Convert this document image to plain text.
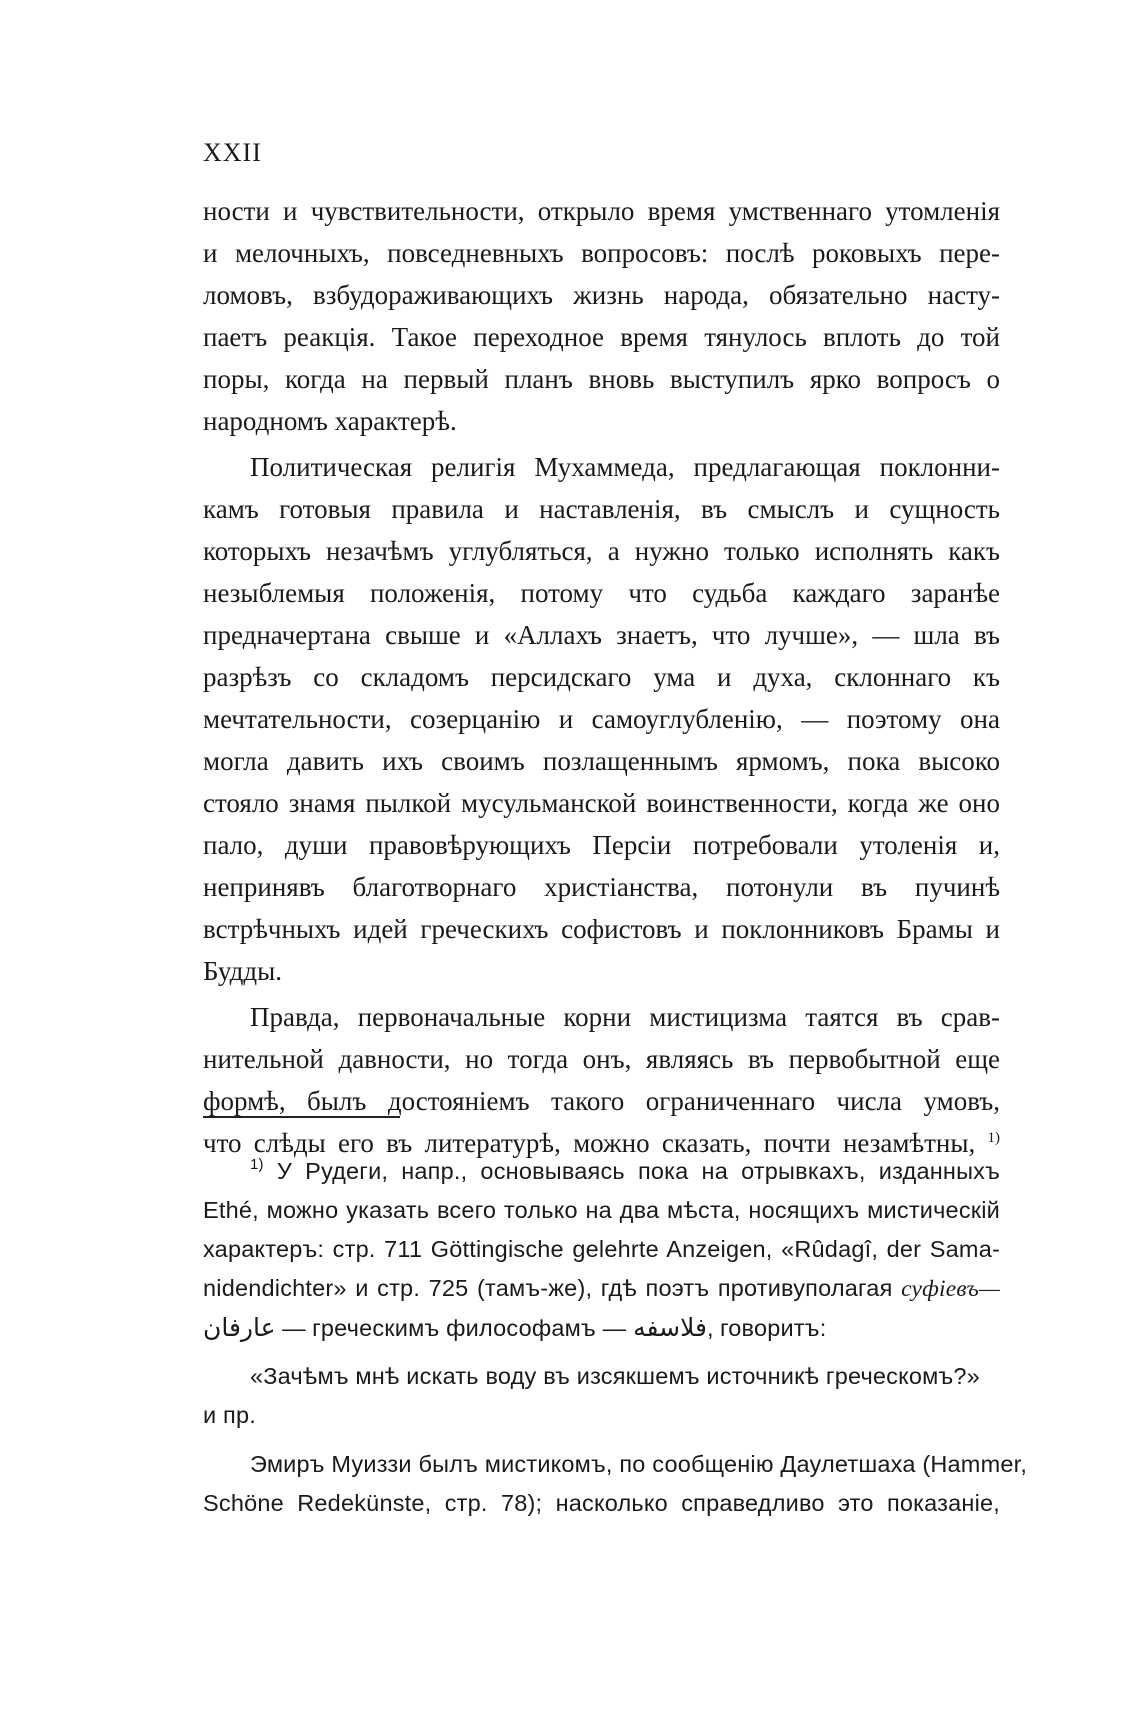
XXII
ности и чувствительности, открыло время умственнаго утомленія
и мелочныхъ, повседневныхъ вопросовъ: послѣ роковыхъ пере-
ломовъ, взбудораживающихъ жизнь народа, обязательно насту-
паетъ реакція. Такое переходное время тянулось вплоть до той
поры, когда на первый планъ вновь выступилъ ярко вопросъ о
народномъ характерѣ.
Политическая религія Мухаммеда, предлагающая поклонни-
камъ готовыя правила и наставленія, въ смыслъ и сущность
которыхъ незачѣмъ углубляться, а нужно только исполнять какъ
незыблемыя положенія, потому что судьба каждаго заранѣе
предначертана свыше и «Аллахъ знаетъ, что лучше», — шла въ
разрѣзъ со складомъ персидскаго ума и духа, склоннаго къ
мечтательности, созерцанію и самоуглубленію, — поэтому она
могла давить ихъ своимъ позлащеннымъ ярмомъ, пока высоко
стояло знамя пылкой мусульманской воинственности, когда же оно
пало, души правовѣрующихъ Персіи потребовали утоленія и,
непринявъ благотворнаго христіанства, потонули въ пучинѣ
встрѣчныхъ идей греческихъ софистовъ и поклонниковъ Брамы и
Будды.
Правда, первоначальные корни мистицизма таятся въ срав-
нительной давности, но тогда онъ, являясь въ первобытной еще
формѣ, былъ достояніемъ такого ограниченнаго числа умовъ,
что слѣды его въ литературѣ, можно сказать, почти незамѣтны, $^{1)}$
$^{1)}$ У Рудеги, напр., основываясь пока на отрывкахъ, изданныхъ
Ethé, можно указать всего только на два мѣста, носящихъ мистическій
характеръ: стр. 711 Göttingische gelehrte Anzeigen, «Rûdagî, der Sama-
nidendichter» и стр. 725 (тамъ-же), гдѣ поэтъ противуполагая суфіевъ—
عارفان — греческимъ философамъ — فلاسفه, говоритъ:
«Зачѣмъ мнѣ искать воду въ изсякшемъ источникѣ греческомъ?»
и пр.
Эмиръ Муиззи былъ мистикомъ, по сообщенію Даулетшаха (Hammer,
Schöne Redekünste, стр. 78); насколько справедливо это показаніе,
